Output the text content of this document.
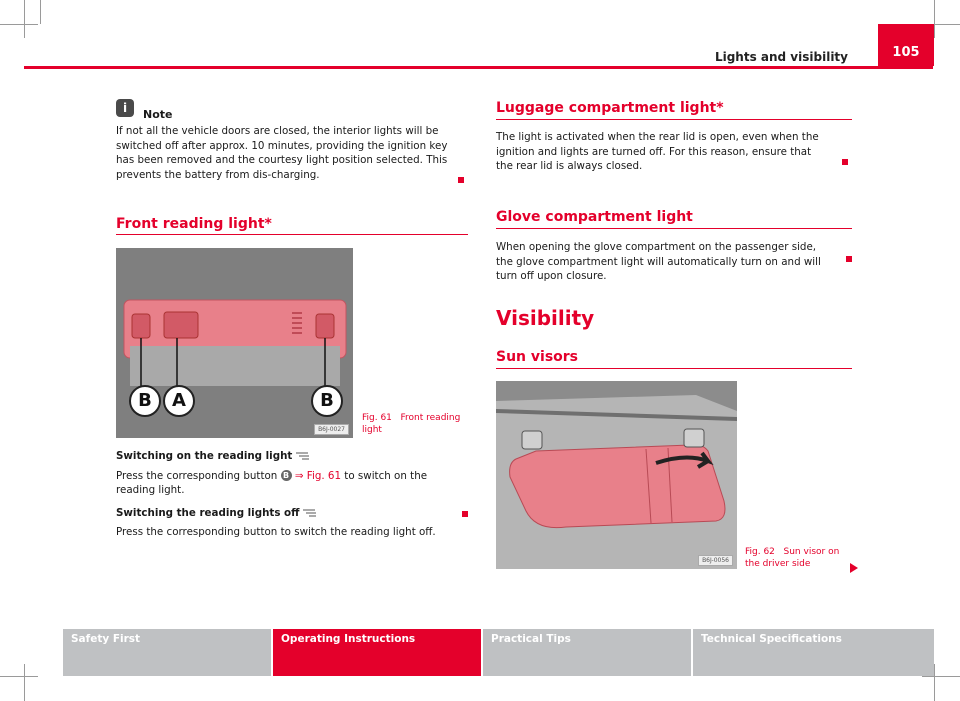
Lights and visibility	105
i	Note
If not all the vehicle doors are closed, the interior lights will be switched off after approx. 10 minutes, providing the ignition key has been removed and the courtesy light position selected. This prevents the battery from dis-charging.
Front reading light*
B	A	B
B6J-0027
Fig. 61 Front reading light
Switching on the reading light
Press the corresponding button B ⇒ Fig. 61 to switch on the reading light.
Switching the reading lights off
Press the corresponding button to switch the reading light off.
Luggage compartment light*
The light is activated when the rear lid is open, even when the ignition and lights are turned off. For this reason, ensure that the rear lid is always closed.
Glove compartment light
When opening the glove compartment on the passenger side, the glove compartment light will automatically turn on and will turn off upon closure.
Visibility
Sun visors
B6J-0056
Fig. 62 Sun visor on the driver side
Safety First	Operating Instructions	Practical Tips	Technical Specifications
